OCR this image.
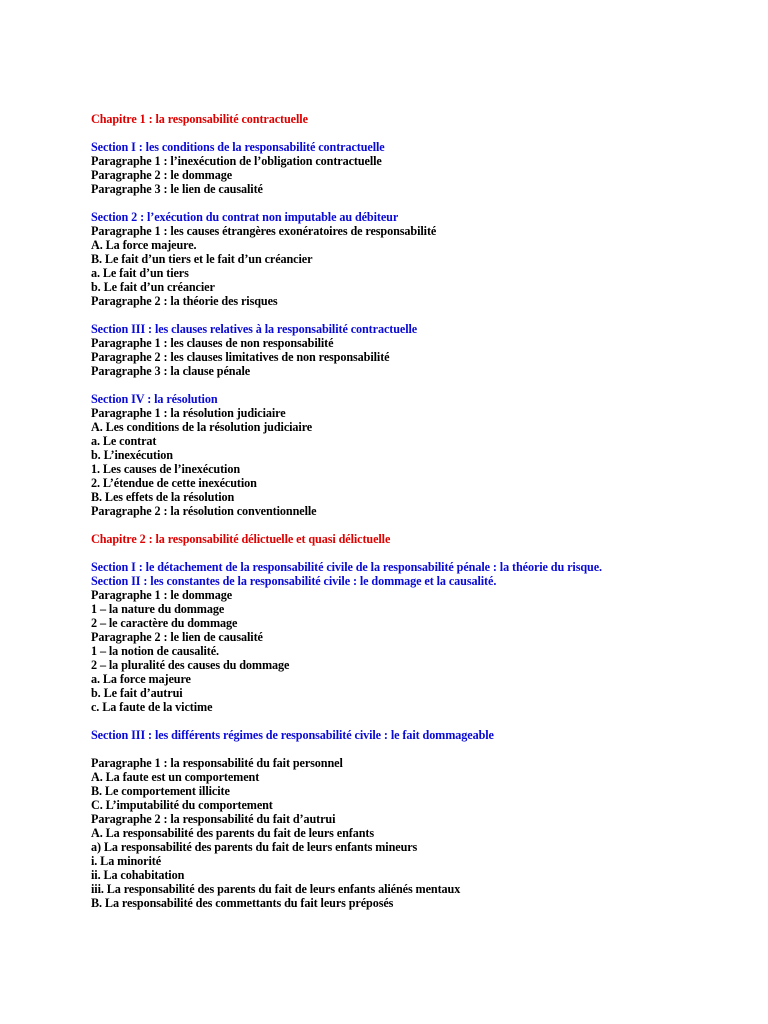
Chapitre 1 : la responsabilité contractuelle
Section I : les conditions de la responsabilité contractuelle
Paragraphe 1 : l’inexécution de l’obligation contractuelle
Paragraphe 2 : le dommage
Paragraphe 3 : le lien de causalité
Section 2 : l’exécution du contrat non imputable au débiteur
Paragraphe 1 : les causes étrangères exonératoires de responsabilité
A. La force majeure.
B. Le fait d’un tiers et le fait d’un créancier
a. Le fait d’un tiers
b. Le fait d’un créancier
Paragraphe 2 : la théorie des risques
Section III : les clauses relatives à la responsabilité contractuelle
Paragraphe 1 : les clauses de non responsabilité
Paragraphe 2 : les clauses limitatives de non responsabilité
Paragraphe 3 : la clause pénale
Section IV : la résolution
Paragraphe 1 : la résolution judiciaire
A. Les conditions de la résolution judiciaire
a. Le contrat
b. L’inexécution
1. Les causes de l’inexécution
2. L’étendue de cette inexécution
B. Les effets de la résolution
Paragraphe 2 : la résolution conventionnelle
Chapitre 2 : la responsabilité délictuelle et quasi délictuelle
Section I : le détachement de la responsabilité civile de la responsabilité pénale : la théorie du risque.
Section II : les constantes de la responsabilité civile : le dommage et la causalité.
Paragraphe 1 : le dommage
1 – la nature du dommage
2 – le caractère du dommage
Paragraphe 2 : le lien de causalité
1 – la notion de causalité.
2 – la pluralité des causes du dommage
a. La force majeure
b. Le fait d’autrui
c. La faute de la victime
Section III : les différents régimes de responsabilité civile : le fait dommageable
Paragraphe 1 : la responsabilité du fait personnel
A. La faute est un comportement
B. Le comportement illicite
C. L’imputabilité du comportement
Paragraphe 2 : la responsabilité du fait d’autrui
A. La responsabilité des parents du fait de leurs enfants
a) La responsabilité des parents du fait de leurs enfants mineurs
i. La minorité
ii. La cohabitation
iii. La responsabilité des parents du fait de leurs enfants aliénés mentaux
B. La responsabilité des commettants du fait leurs préposés
